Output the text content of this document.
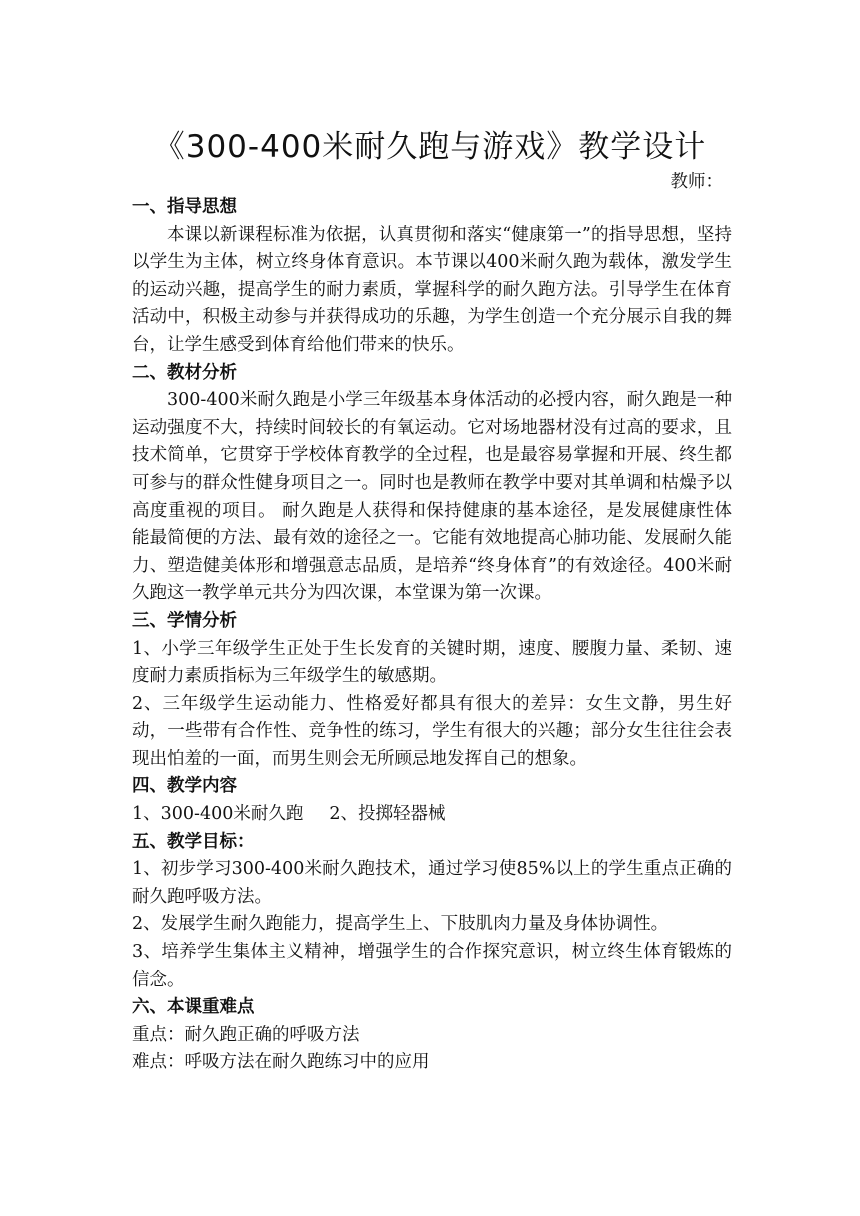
《300-400米耐久跑与游戏》教学设计

教师：

一、指导思想

本课以新课程标准为依据，认真贯彻和落实“健康第一”的指导思想，坚持以学生为主体，树立终身体育意识。本节课以400米耐久跑为载体，激发学生的运动兴趣，提高学生的耐力素质，掌握科学的耐久跑方法。引导学生在体育活动中，积极主动参与并获得成功的乐趣，为学生创造一个充分展示自我的舞台，让学生感受到体育给他们带来的快乐。

二、教材分析

300-400米耐久跑是小学三年级基本身体活动的必授内容，耐久跑是一种运动强度不大，持续时间较长的有氧运动。它对场地器材没有过高的要求，且技术简单，它贯穿于学校体育教学的全过程，也是最容易掌握和开展、终生都可参与的群众性健身项目之一。同时也是教师在教学中要对其单调和枯燥予以高度重视的项目。 耐久跑是人获得和保持健康的基本途径，是发展健康性体能最简便的方法、最有效的途径之一。它能有效地提高心肺功能、发展耐久能力、塑造健美体形和增强意志品质，是培养“终身体育”的有效途径。400米耐久跑这一教学单元共分为四次课，本堂课为第一次课。

三、学情分析

1、小学三年级学生正处于生长发育的关键时期，速度、腰腹力量、柔韧、速度耐力素质指标为三年级学生的敏感期。

2、三年级学生运动能力、性格爱好都具有很大的差异：女生文静，男生好动，一些带有合作性、竞争性的练习，学生有很大的兴趣；部分女生往往会表现出怕羞的一面，而男生则会无所顾忌地发挥自己的想象。

四、教学内容

1、300-400米耐久跑 2、投掷轻器械

五、教学目标：

1、初步学习300-400米耐久跑技术，通过学习使85%以上的学生重点正确的耐久跑呼吸方法。

2、发展学生耐久跑能力，提高学生上、下肢肌肉力量及身体协调性。

3、培养学生集体主义精神，增强学生的合作探究意识，树立终生体育锻炼的信念。

六、本课重难点

重点：耐久跑正确的呼吸方法

难点：呼吸方法在耐久跑练习中的应用
